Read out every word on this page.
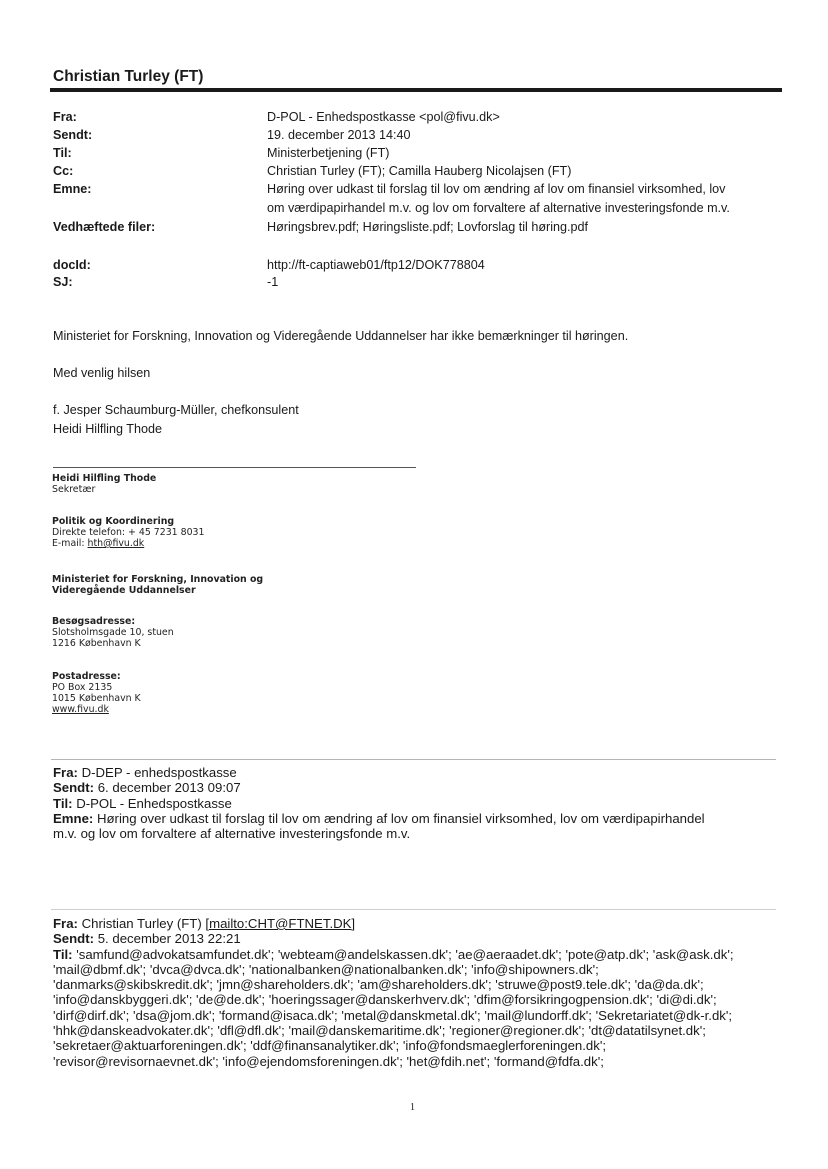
Christian Turley (FT)
Fra:	D-POL - Enhedspostkasse <pol@fivu.dk>
Sendt:	19. december 2013 14:40
Til:	Ministerbetjening (FT)
Cc:	Christian Turley (FT); Camilla Hauberg Nicolajsen (FT)
Emne:	Høring over udkast til forslag til lov om ændring af lov om finansiel virksomhed, lov
om værdipapirhandel m.v. og lov om forvaltere af alternative investeringsfonde m.v.
Vedhæftede filer:	Høringsbrev.pdf; Høringsliste.pdf; Lovforslag til høring.pdf
docId:	http://ft-captiaweb01/ftp12/DOK778804
SJ:	-1
Ministeriet for Forskning, Innovation og Videregående Uddannelser har ikke bemærkninger til høringen.
Med venlig hilsen
f. Jesper Schaumburg-Müller, chefkonsulent
Heidi Hilfling Thode
Heidi Hilfling Thode
Sekretær
Politik og Koordinering
Direkte telefon: + 45 7231 8031
E-mail: hth@fivu.dk
Ministeriet for Forskning, Innovation og
Videregående Uddannelser
Besøgsadresse:
Slotsholmsgade 10, stuen
1216 København K
Postadresse:
PO Box 2135
1015 København K
www.fivu.dk
Fra: D-DEP - enhedspostkasse
Sendt: 6. december 2013 09:07
Til: D-POL - Enhedspostkasse
Emne: Høring over udkast til forslag til lov om ændring af lov om finansiel virksomhed, lov om værdipapirhandel
m.v. og lov om forvaltere af alternative investeringsfonde m.v.
Fra: Christian Turley (FT) [mailto:CHT@FTNET.DK]
Sendt: 5. december 2013 22:21
Til: 'samfund@advokatsamfundet.dk'; 'webteam@andelskassen.dk'; 'ae@aeraadet.dk'; 'pote@atp.dk'; 'ask@ask.dk';
'mail@dbmf.dk'; 'dvca@dvca.dk'; 'nationalbanken@nationalbanken.dk'; 'info@shipowners.dk';
'danmarks@skibskredit.dk'; 'jmn@shareholders.dk'; 'am@shareholders.dk'; 'struwe@post9.tele.dk'; 'da@da.dk';
'info@danskbyggeri.dk'; 'de@de.dk'; 'hoeringssager@danskerhverv.dk'; 'dfim@forsikringogpension.dk'; 'di@di.dk';
'dirf@dirf.dk'; 'dsa@jom.dk'; 'formand@isaca.dk'; 'metal@danskmetal.dk'; 'mail@lundorff.dk'; 'Sekretariatet@dk-r.dk';
'hhk@danskeadvokater.dk'; 'dfl@dfl.dk'; 'mail@danskemaritime.dk'; 'regioner@regioner.dk'; 'dt@datatilsynet.dk';
'sekretaer@aktuarforeningen.dk'; 'ddf@finansanalytiker.dk'; 'info@fondsmaeglerforeningen.dk';
'revisor@revisornaevnet.dk'; 'info@ejendomsforeningen.dk'; 'het@fdih.net'; 'formand@fdfa.dk';
1
